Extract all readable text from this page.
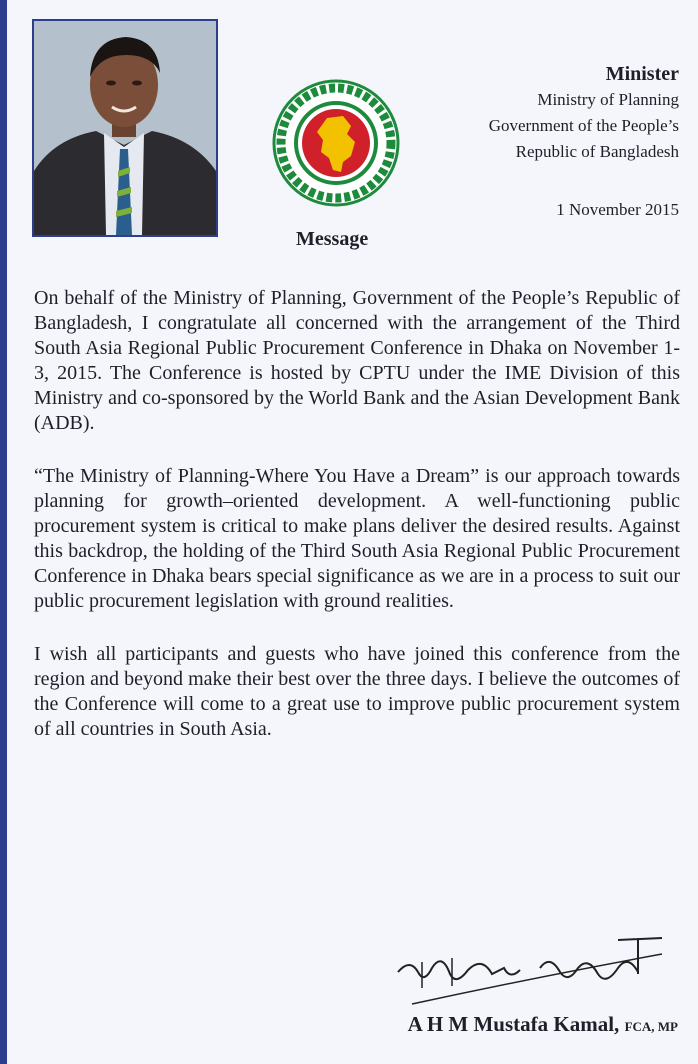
Message
Minister
Ministry of Planning
Government of the People’s
Republic of Bangladesh
1 November 2015

On behalf of the Ministry of Planning, Government of the People’s Republic of Bangladesh, I congratulate all concerned with the arrangement of the Third South Asia Regional Public Procurement Conference in Dhaka on November 1-3, 2015. The Conference is hosted by CPTU under the IME Division of this Ministry and co-sponsored by the World Bank and the Asian Development Bank (ADB).

“The Ministry of Planning-Where You Have a Dream” is our approach towards planning for growth–oriented development. A well-functioning public procurement system is critical to make plans deliver the desired results. Against this backdrop, the holding of the Third South Asia Regional Public Procurement Conference in Dhaka bears special significance as we are in a process to suit our public procurement legislation with ground realities.

I wish all participants and guests who have joined this conference from the region and beyond make their best over the three days. I believe the outcomes of the Conference will come to a great use to improve public procurement system of all countries in South Asia.

A H M Mustafa Kamal, FCA, MP
